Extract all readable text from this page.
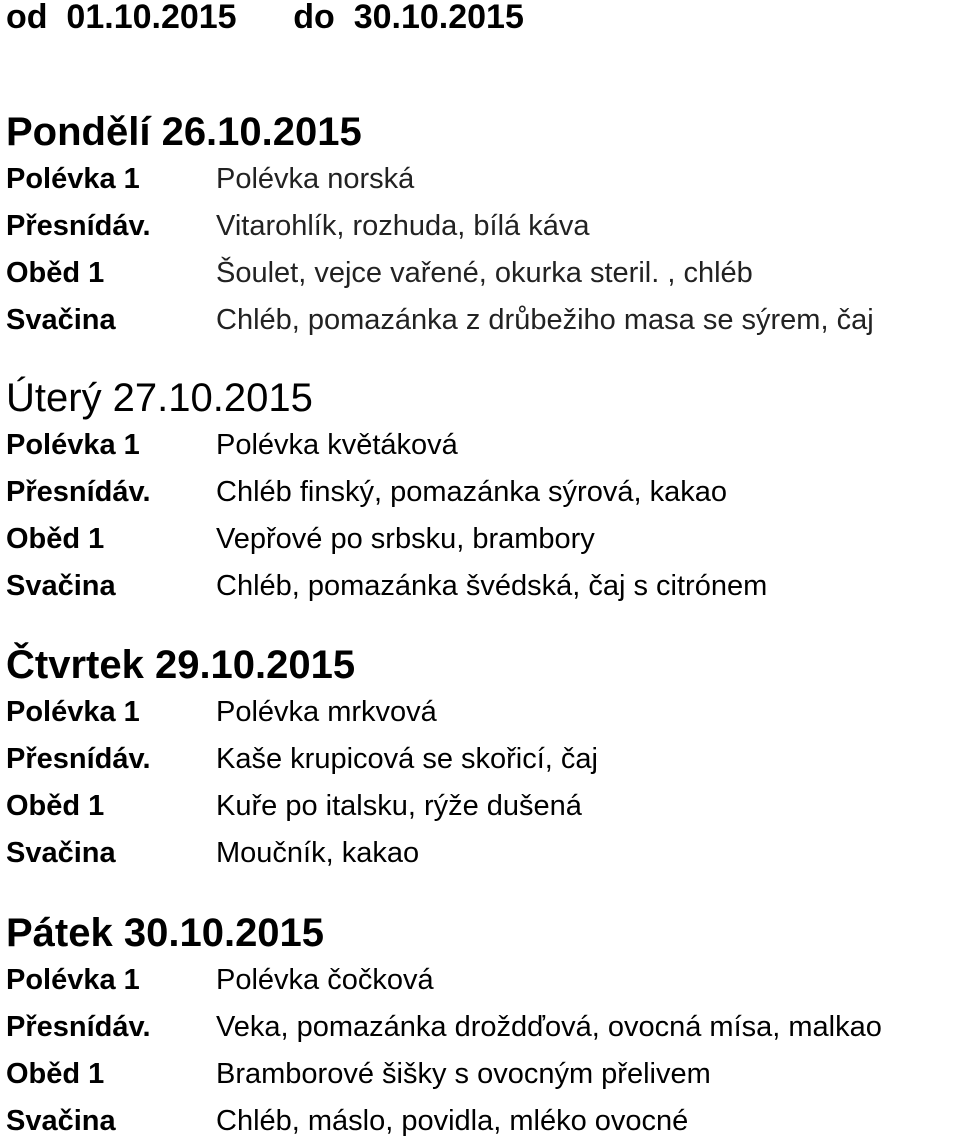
od  01.10.2015      do  30.10.2015
Pondělí 26.10.2015
Polévka 1	Polévka norská
Přesnídáv.	Vitarohlík, rozhuda, bílá káva
Oběd 1	Šoulet, vejce vařené, okurka steril. , chléb
Svačina	Chléb, pomazánka z drůbežiho masa se sýrem, čaj
Úterý 27.10.2015
Polévka 1	Polévka květáková
Přesnídáv.	Chléb finský, pomazánka sýrová, kakao
Oběd 1	Vepřové po srbsku, brambory
Svačina	Chléb, pomazánka švédská, čaj s citrónem
Čtvrtek 29.10.2015
Polévka 1	Polévka mrkvová
Přesnídáv.	Kaše krupicová se skořicí, čaj
Oběd 1	Kuře po italsku, rýže dušená
Svačina	Moučník, kakao
Pátek 30.10.2015
Polévka 1	Polévka čočková
Přesnídáv.	Veka, pomazánka droždďová, ovocná mísa, malkao
Oběd 1	Bramborové šišky s ovocným přelivem
Svačina	Chléb, máslo, povidla, mléko ovocné
